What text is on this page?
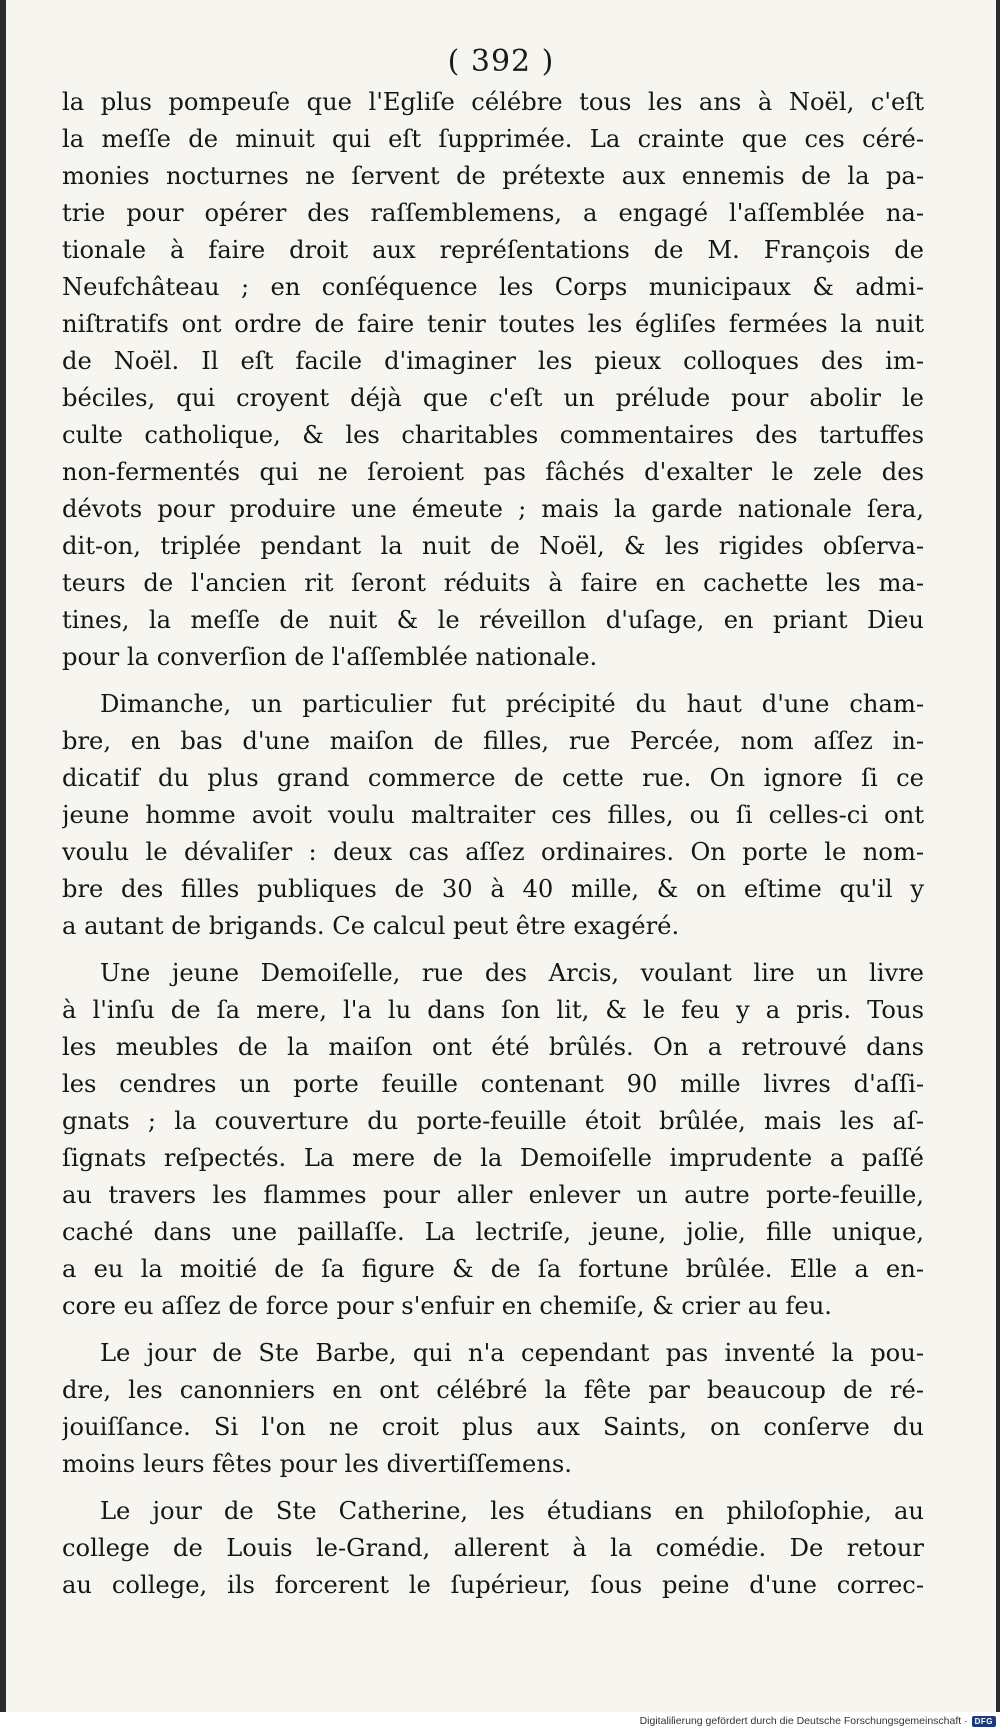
( 392 )
la plus pompeuſe que l'Egliſe célébre tous les ans à Noël, c'eſt
la meſſe de minuit qui eſt ſupprimée. La crainte que ces céré-
monies nocturnes ne ſervent de prétexte aux ennemis de la pa-
trie pour opérer des raſſemblemens, a engagé l'aſſemblée na-
tionale à faire droit aux repréſentations de M. François de
Neufchâteau ; en conſéquence les Corps municipaux & admi-
niſtratifs ont ordre de faire tenir toutes les égliſes fermées la nuit
de Noël. Il eſt facile d'imaginer les pieux colloques des im-
béciles, qui croyent déjà que c'eſt un prélude pour abolir le
culte catholique, & les charitables commentaires des tartuffes
non-fermentés qui ne ſeroient pas fâchés d'exalter le zele des
dévots pour produire une émeute ; mais la garde nationale ſera,
dit-on, triplée pendant la nuit de Noël, & les rigides obſerva-
teurs de l'ancien rit ſeront réduits à faire en cachette les ma-
tines, la meſſe de nuit & le réveillon d'uſage, en priant Dieu
pour la converſion de l'aſſemblée nationale.
Dimanche, un particulier fut précipité du haut d'une cham-
bre, en bas d'une maiſon de filles, rue Percée, nom aſſez in-
dicatif du plus grand commerce de cette rue. On ignore ſi ce
jeune homme avoit voulu maltraiter ces filles, ou ſi celles-ci ont
voulu le dévaliſer : deux cas aſſez ordinaires. On porte le nom-
bre des filles publiques de 30 à 40 mille, & on eſtime qu'il y
a autant de brigands. Ce calcul peut être exagéré.
Une jeune Demoiſelle, rue des Arcis, voulant lire un livre
à l'inſu de ſa mere, l'a lu dans ſon lit, & le feu y a pris. Tous
les meubles de la maiſon ont été brûlés. On a retrouvé dans
les cendres un porte feuille contenant 90 mille livres d'aſſi-
gnats ; la couverture du porte-feuille étoit brûlée, mais les aſ-
ſignats reſpectés. La mere de la Demoiſelle imprudente a paſſé
au travers les flammes pour aller enlever un autre porte-feuille,
caché dans une paillaſſe. La lectriſe, jeune, jolie, fille unique,
a eu la moitié de ſa figure & de ſa fortune brûlée. Elle a en-
core eu aſſez de force pour s'enfuir en chemiſe, & crier au feu.
Le jour de Ste Barbe, qui n'a cependant pas inventé la pou-
dre, les canonniers en ont célébré la fête par beaucoup de ré-
jouiſſance. Si l'on ne croit plus aux Saints, on conſerve du
moins leurs fêtes pour les divertiſſemens.
Le jour de Ste Catherine, les étudians en philoſophie, au
college de Louis le-Grand, allerent à la comédie. De retour
au college, ils forcerent le ſupérieur, ſous peine d'une correc-
Digitaliſierung gefördert durch die Deutsche Forschungsgemeinschaft · DFG
